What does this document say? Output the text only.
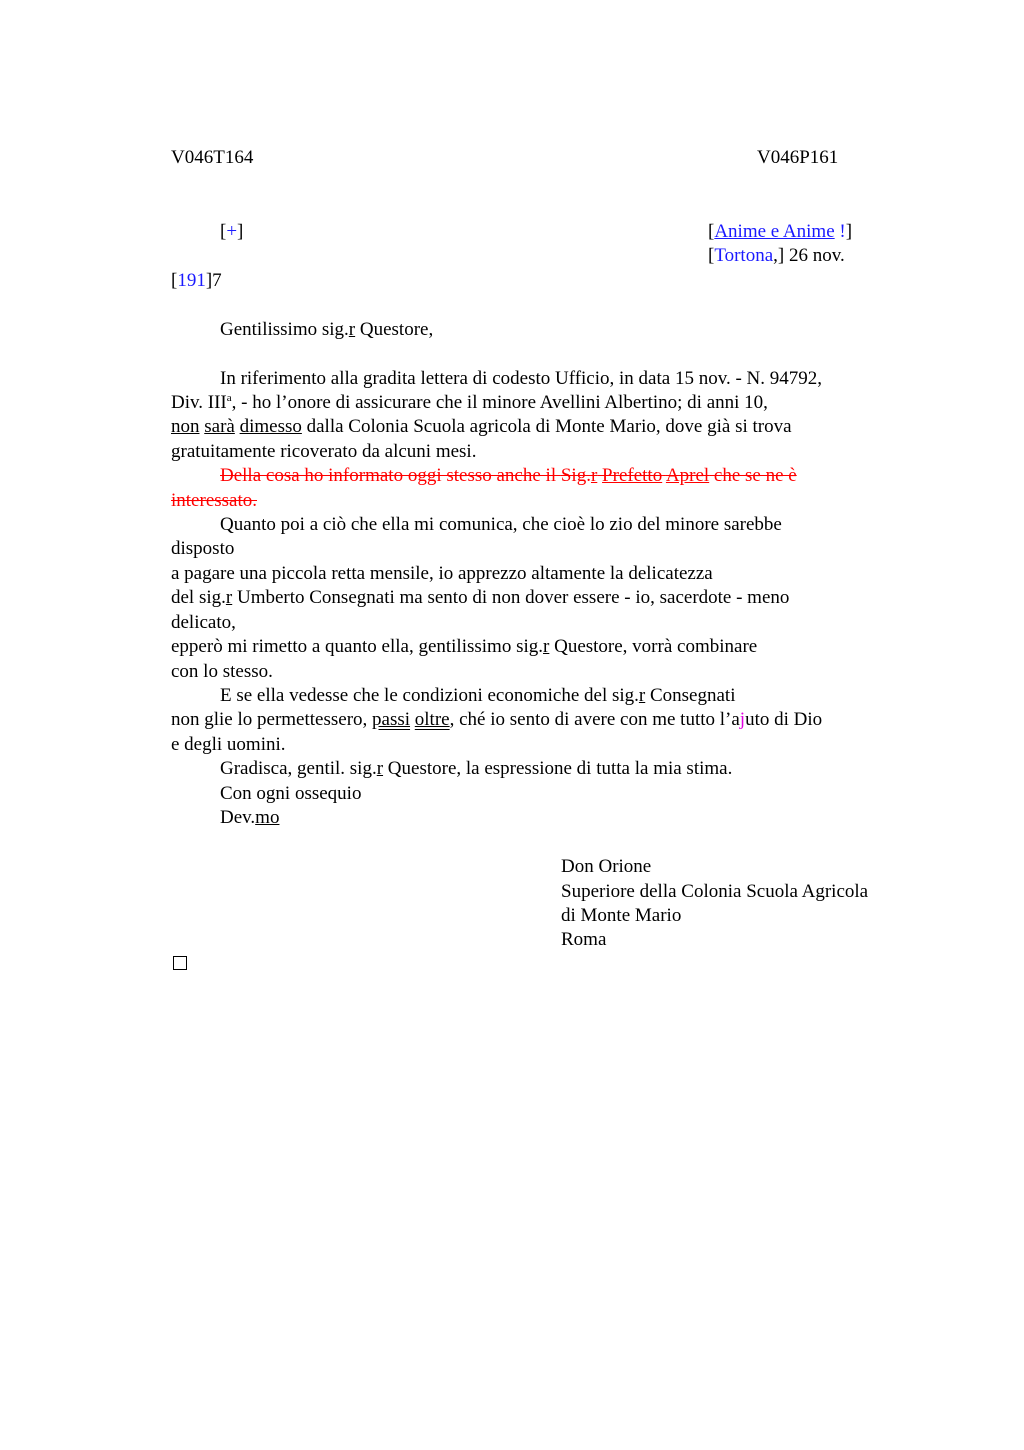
V046T164	V046P161
[+]	[Anime e Anime !]
[Tortona,] 26 nov.
[191]7
Gentilissimo sig.r Questore,
In riferimento alla gradita lettera di codesto Ufficio, in data 15 nov. - N. 94792,
Div. III$^a$, - ho l’onore di assicurare che il minore Avellini Albertino; di anni 10,
non sarà dimesso dalla Colonia Scuola agricola di Monte Mario, dove già si trova
gratuitamente ricoverato da alcuni mesi.
Della cosa ho informato oggi stesso anche il Sig.r Prefetto Aprel che se ne è
interessato.
Quanto poi a ciò che ella mi comunica, che cioè lo zio del minore sarebbe
disposto
a pagare una piccola retta mensile, io apprezzo altamente la delicatezza
del sig.r Umberto Consegnati ma sento di non dover essere - io, sacerdote - meno
delicato,
epperò mi rimetto a quanto ella, gentilissimo sig.r Questore, vorrà combinare
con lo stesso.
E se ella vedesse che le condizioni economiche del sig.r Consegnati
non glie lo permettessero, passi oltre, ché io sento di avere con me tutto l’ajuto di Dio
e degli uomini.
Gradisca, gentil. sig.r Questore, la espressione di tutta la mia stima.
Con ogni ossequio
Dev.mo
Don Orione
Superiore della Colonia Scuola Agricola
di Monte Mario
Roma
